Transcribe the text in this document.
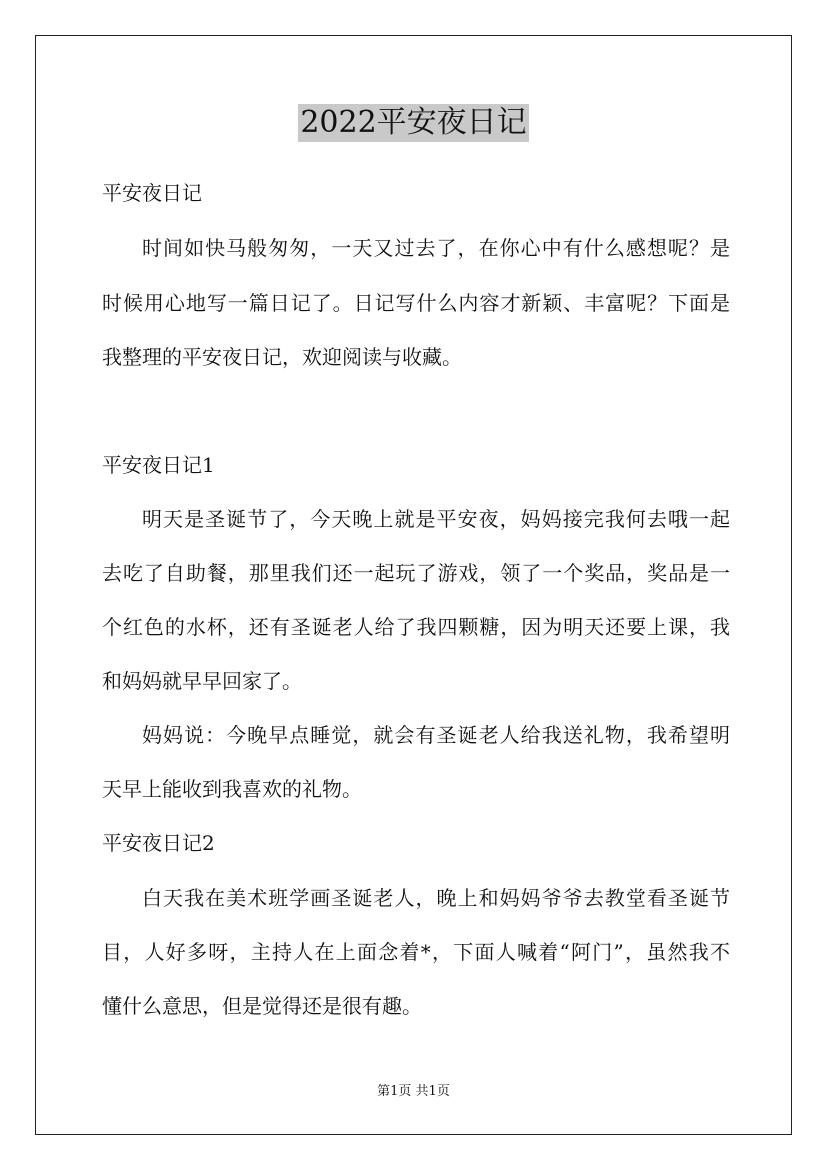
2022平安夜日记
平安夜日记
时间如快马般匆匆，一天又过去了，在你心中有什么感想呢？是
时候用心地写一篇日记了。日记写什么内容才新颖、丰富呢？下面是
我整理的平安夜日记，欢迎阅读与收藏。
平安夜日记1
明天是圣诞节了，今天晚上就是平安夜，妈妈接完我何去哦一起
去吃了自助餐，那里我们还一起玩了游戏，领了一个奖品，奖品是一
个红色的水杯，还有圣诞老人给了我四颗糖，因为明天还要上课，我
和妈妈就早早回家了。
妈妈说：今晚早点睡觉，就会有圣诞老人给我送礼物，我希望明
天早上能收到我喜欢的礼物。
平安夜日记2
白天我在美术班学画圣诞老人，晚上和妈妈爷爷去教堂看圣诞节
目，人好多呀，主持人在上面念着*，下面人喊着“阿门”，虽然我不
懂什么意思，但是觉得还是很有趣。
第1页 共1页
